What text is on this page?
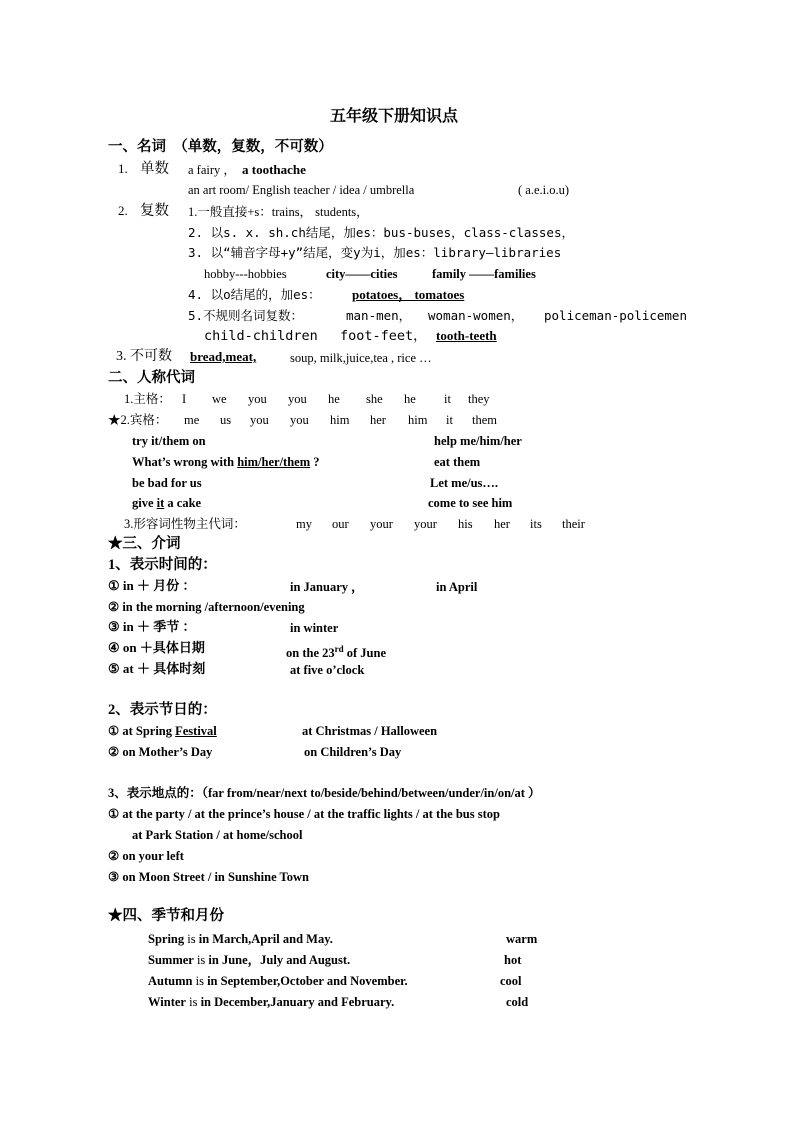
五年级下册知识点
一、名词　（单数，复数，不可数）
1. 单数 a fairy ， a toothache
an art room/ English teacher / idea / umbrella	( a.e.i.o.u)
2. 复数 1.一般直接+s：trains， students，
2. 以s. x. sh.ch结尾，加es：bus-buses，class-classes，
3. 以“辅音字母+y”结尾，变y为i，加es：library—libraries
hobby---hobbies	city——cities	family ——families
4. 以o结尾的，加es： potatoes， tomatoes
5.不规则名词复数：	man-men， woman-women， policeman-policemen
child-children foot-feet， tooth-teeth
3. 不可数 bread,meat,	soup, milk,juice,tea , rice …
二、人称代词
1.主格： I we you you he she he it they
★2.宾格： me us you you him her him it them
try it/them on	help me/him/her
What’s wrong with him/her/them ?	eat them
be bad for us	Let me/us….
give it a cake	come to see him
3.形容词性物主代词：	my our your your his her its their
★三、介词
1、表示时间的：
① in ＋ 月份 ：	in January ，	in April
② in the morning /afternoon/evening
③ in ＋ 季节 ：	in winter
④ on ＋具体日期	on the 23rd of June
⑤ at ＋ 具体时刻	at five o’clock
2、表示节日的：
① at Spring Festival	at Christmas / Halloween
② on Mother’s Day	on Children’s Day
3、表示地点的：（far from/near/next to/beside/behind/between/under/in/on/at ）
① at the party / at the prince’s house / at the traffic lights / at the bus stop
at Park Station / at home/school
② on your left
③ on Moon Street / in Sunshine Town
★四、季节和月份
Spring is in March,April and May.	warm
Summer is in June，July and August.	hot
Autumn is in September,October and November.	cool
Winter is in December,January and February.	cold
